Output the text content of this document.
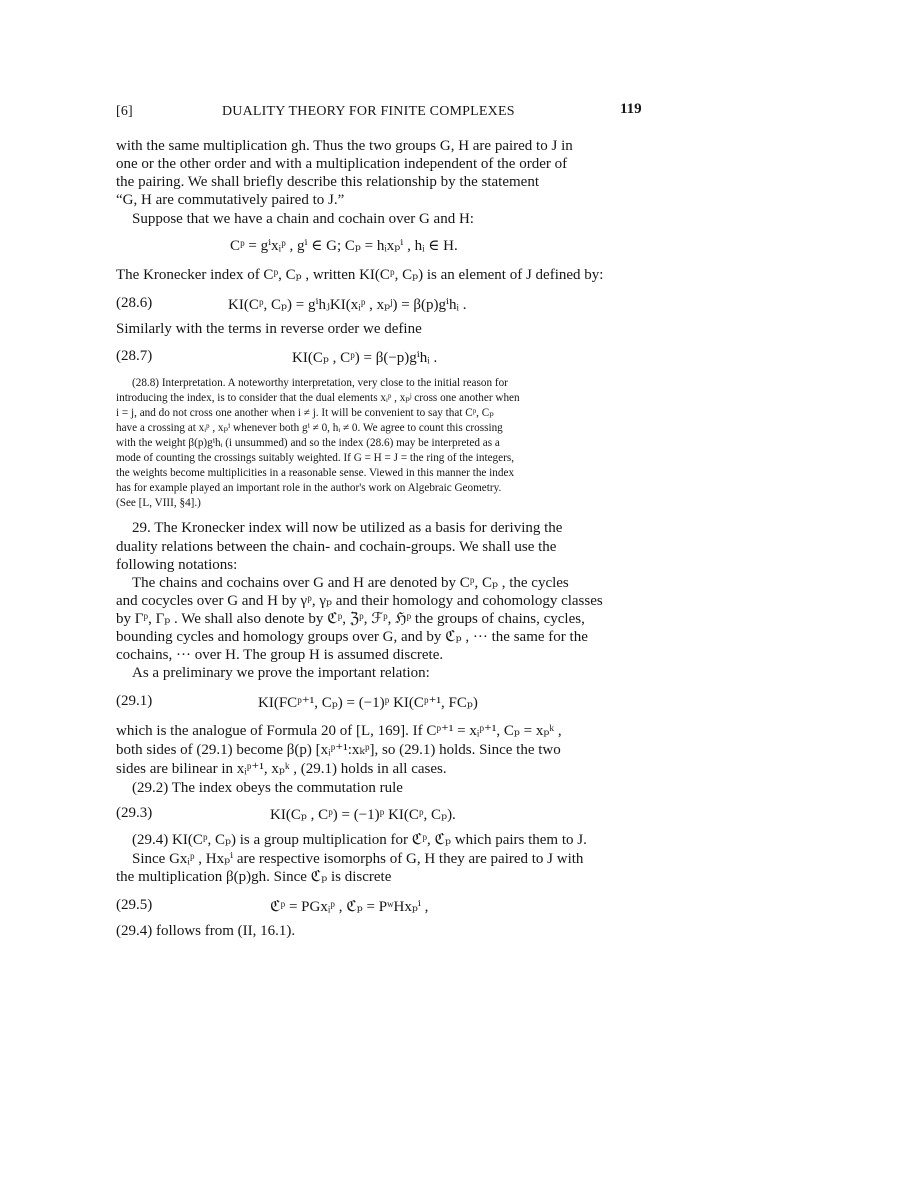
[6]	DUALITY THEORY FOR FINITE COMPLEXES	119
with the same multiplication gh. Thus the two groups G, H are paired to J in
one or the other order and with a multiplication independent of the order of
the pairing. We shall briefly describe this relationship by the statement
“G, H are commutatively paired to J.”
Suppose that we have a chain and cochain over G and H:
Cᵖ = gⁱxᵢᵖ , gⁱ ∈ G; Cₚ = hᵢxₚⁱ , hᵢ ∈ H.
The Kronecker index of Cᵖ, Cₚ , written KI(Cᵖ, Cₚ) is an element of J defined by:
(28.6)	KI(Cᵖ, Cₚ) = gⁱhⱼKI(xᵢᵖ , xₚʲ) = β(p)gⁱhᵢ .
Similarly with the terms in reverse order we define
(28.7)	KI(Cₚ , Cᵖ) = β(−p)gⁱhᵢ .
(28.8) Interpretation. A noteworthy interpretation, very close to the initial reason for
introducing the index, is to consider that the dual elements xᵢᵖ , xₚʲ cross one another when
i = j, and do not cross one another when i ≠ j. It will be convenient to say that Cᵖ, Cₚ
have a crossing at xᵢᵖ , xₚⁱ whenever both gⁱ ≠ 0, hᵢ ≠ 0. We agree to count this crossing
with the weight β(p)gⁱhᵢ (i unsummed) and so the index (28.6) may be interpreted as a
mode of counting the crossings suitably weighted. If G = H = J = the ring of the integers,
the weights become multiplicities in a reasonable sense. Viewed in this manner the index
has for example played an important role in the author's work on Algebraic Geometry.
(See [L, VIII, §4].)
29. The Kronecker index will now be utilized as a basis for deriving the
duality relations between the chain- and cochain-groups. We shall use the
following notations:
The chains and cochains over G and H are denoted by Cᵖ, Cₚ , the cycles
and cocycles over G and H by γᵖ, γₚ and their homology and cohomology classes
by Γᵖ, Γₚ . We shall also denote by ℭᵖ, ℨᵖ, ℱᵖ, ℌᵖ the groups of chains, cycles,
bounding cycles and homology groups over G, and by ℭₚ , ··· the same for the
cochains, ··· over H. The group H is assumed discrete.
As a preliminary we prove the important relation:
(29.1)	KI(FCᵖ⁺¹, Cₚ) = (−1)ᵖ KI(Cᵖ⁺¹, FCₚ)
which is the analogue of Formula 20 of [L, 169]. If Cᵖ⁺¹ = xᵢᵖ⁺¹, Cₚ = xₚᵏ ,
both sides of (29.1) become β(p) [xᵢᵖ⁺¹:xₖᵖ], so (29.1) holds. Since the two
sides are bilinear in xᵢᵖ⁺¹, xₚᵏ , (29.1) holds in all cases.
(29.2) The index obeys the commutation rule
(29.3)	KI(Cₚ , Cᵖ) = (−1)ᵖ KI(Cᵖ, Cₚ).
(29.4) KI(Cᵖ, Cₚ) is a group multiplication for ℭᵖ, ℭₚ which pairs them to J.
Since Gxᵢᵖ , Hxₚⁱ are respective isomorphs of G, H they are paired to J with
the multiplication β(p)gh. Since ℭₚ is discrete
(29.5)	ℭᵖ = PGxᵢᵖ , ℭₚ = PʷHxₚⁱ ,
(29.4) follows from (II, 16.1).
